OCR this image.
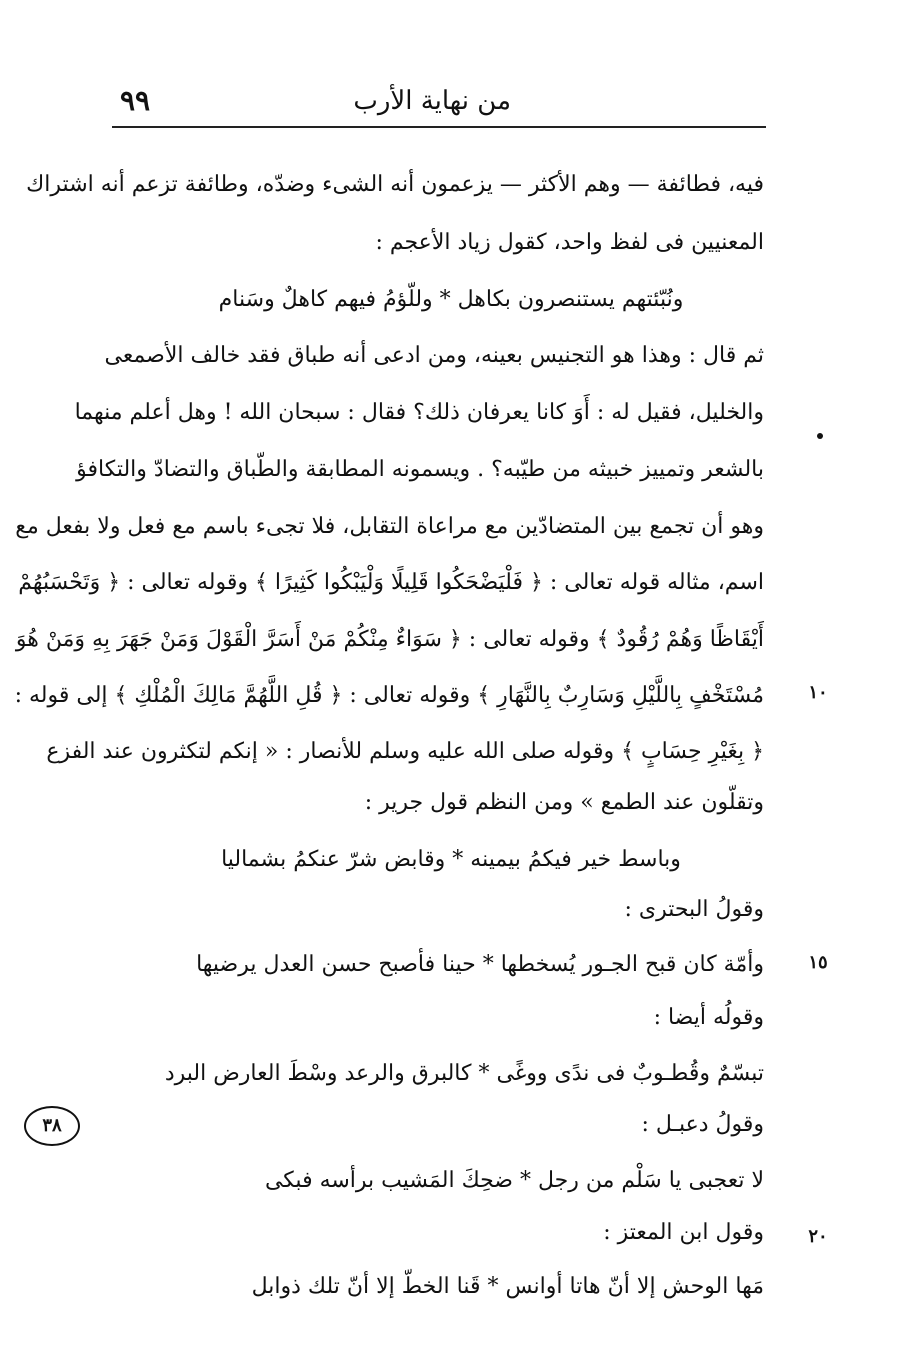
من نهاية الأرب
٩٩
فيه، فطائفة — وهم الأكثر — يزعمون أنه الشىء وضدّه، وطائفة تزعم أنه اشتراك
المعنيين فى لفظ واحد، كقول زياد الأعجم :
ونُبّئتهم يستنصرون بكاهل * وللّؤمُ فيهم كاهلٌ وسَنام
ثم قال : وهذا هو التجنيس بعينه، ومن ادعى أنه طباق فقد خالف الأصمعى
والخليل، فقيل له : أَوَ كانا يعرفان ذلك؟ فقال : سبحان الله ! وهل أعلم منهما
بالشعر وتمييز خبيثه من طيّبه؟ . ويسمونه المطابقة والطّباق والتضادّ والتكافؤ
وهو أن تجمع بين المتضادّين مع مراعاة التقابل، فلا تجىء باسم مع فعل ولا بفعل مع
اسم، مثاله قوله تعالى : ﴿ فَلْيَضْحَكُوا قَلِيلًا وَلْيَبْكُوا كَثِيرًا ﴾ وقوله تعالى : ﴿ وَتَحْسَبُهُمْ
أَيْقَاظًا وَهُمْ رُقُودٌ ﴾ وقوله تعالى : ﴿ سَوَاءٌ مِنْكُمْ مَنْ أَسَرَّ الْقَوْلَ وَمَنْ جَهَرَ بِهِ وَمَنْ هُوَ
مُسْتَخْفٍ بِاللَّيْلِ وَسَارِبٌ بِالنَّهَارِ ﴾ وقوله تعالى : ﴿ قُلِ اللَّهُمَّ مَالِكَ الْمُلْكِ ﴾ إلى قوله :
﴿ بِغَيْرِ حِسَابٍ ﴾ وقوله صلى الله عليه وسلم للأنصار : « إنكم لتكثرون عند الفزع
وتقلّون عند الطمع » ومن النظم قول جرير :
وباسط خير فيكمُ بيمينه * وقابض شرّ عنكمُ بشماليا
وقولُ البحترى :
وأمّة كان قبح الجـور يُسخطها * حينا فأصبح حسن العدل يرضيها
وقولُه أيضا :
تبسّمٌ وقُطـوبٌ فى ندًى ووغًى * كالبرق والرعد وسْطَ العارض البرد
وقولُ دعبـل :
لا تعجبى يا سَلْم من رجل * ضحِكَ المَشيب برأسه فبكى
وقول ابن المعتز :
مَها الوحش إلا أنّ هاتا أوانس * قَنا الخطّ إلا أنّ تلك ذوابل
١٠
١٥
٢٠
٣٨
